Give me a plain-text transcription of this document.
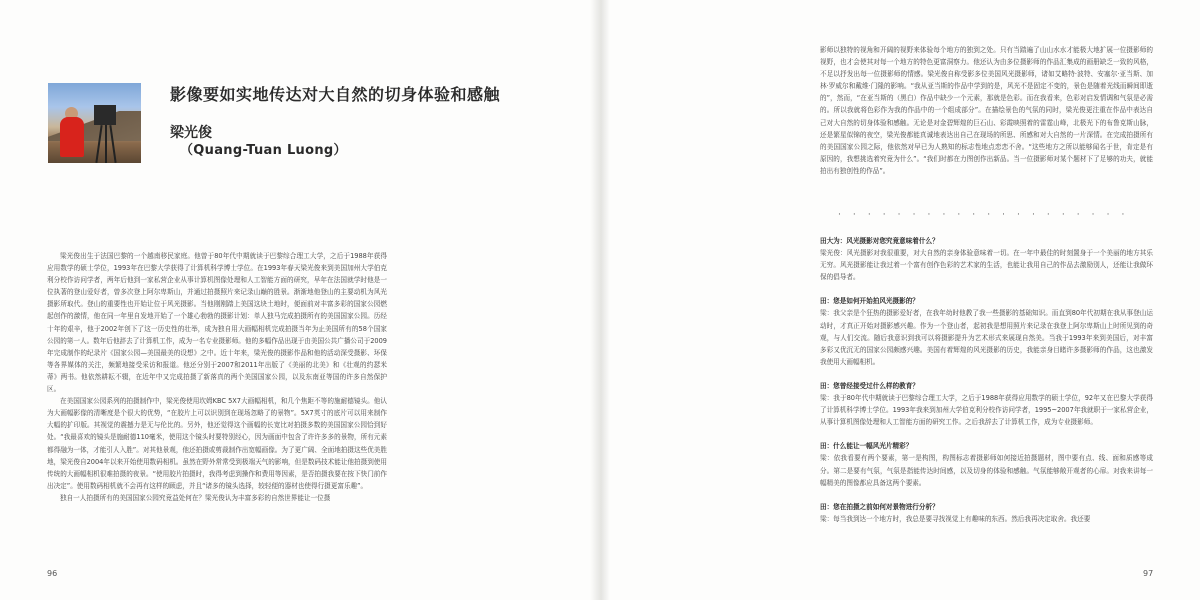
影像要如实地传达对大自然的切身体验和感触
梁光俊
（Quang-Tuan Luong）

梁光俊出生于法国巴黎的一个越南移民家庭。他曾于80年代中期就读于巴黎综合理工大学，之后于1988年获得应用数学的硕士学位，1993年在巴黎大学获得了计算机科学博士学位。在1993年春天梁光俊来到美国加州大学伯克利分校作访问学者，两年后他到一家私营企业从事计算机图像处理和人工智能方面的研究，早年在法国就学时他是一位执著的登山爱好者，曾多次登上阿尔卑斯山，并通过拍摄照片来记录山巅的胜景。渐渐地他登山的主要动机为风光摄影所取代。登山的重要性也开始让位于风光摄影。当他刚刚踏上美国这块土地时，便面前对丰富多彩的国家公园燃起创作的激情，他在同一年里自发地开始了一个雄心勃勃的摄影计划：单人独马完成拍摄所有的美国国家公园。历经十年的艰辛，他于2002年创下了这一历史性的壮举，成为独自用大画幅相机完成拍摄当年为止美国所有的58个国家公园的第一人。数年后他辞去了计算机工作，成为一名专业摄影师。他的多幅作品出现于由美国公共广播公司于2009年完成制作的纪录片《国家公园—美国最美的设想》之中。近十年来，梁光俊的摄影作品和他的活动深受摄影、环保等各界媒体的关注，频繁地接受采访和报道。他还分别于2007和2011年出版了《美丽的北美》和《壮观的约瑟米蒂》两书。他依然耕耘不辍，在近年中又完成拍摄了新落真的两个美国国家公园，以及东南亚等国的许多自然保护区。

在美国国家公园系列的拍摄制作中，梁光俊使用坎姆KBC 5X7大画幅相机，和几个焦距不等的施耐德镜头。他认为大画幅影像的清晰度是个很大的优势，“在胶片上可以识别到在现场忽略了的景物”。5X7英寸的底片可以用来制作大幅的扩印版。其视觉的震撼力是无与伦比的。另外，他还觉得这个画幅的长宽比对拍摄多数的美国国家公园恰到好处。“我最喜欢的镜头是施耐德110毫米，使用这个镜头时要特别经心，因为画面中包含了许许多多的景物，所有元素都得融为一体，才能引人入胜”。对其他景观，他还拍摄或剪裁制作出宽幅画像。为了更广阔、全面地拍摄这些优美胜地，梁光俊自2004年以来开始使用数码相机。虽然在野外常常受到极端天气的影响，但是数码技术能让他拍摄到使用传统的大画幅相机很难拍摄的夜景。“使用胶片拍摄时，我得考虑到操作和费用等因素，是否拍摄我要在按下快门前作出决定”。使用数码相机就不会再有这样的顾虑，并且“诸多的镜头选择，较轻便的器材也使得行摄更富乐趣”。

独自一人拍摄所有的美国国家公园究竟益处何在？梁光俊认为丰富多彩的自然世界能让一位摄

96

影师以独特的视角和开阔的视野来体验每个地方的独到之处。只有当踏遍了山山水水才能极大地扩展一位摄影师的视野，也才会使其对每一个地方的特色更富洞察力。他还认为由多位摄影师的作品汇集成的画册缺乏一致的风格，不足以抒发出每一位摄影师的情感。梁光俊自称受影多位美国风光摄影师，诸如艾略特·波特、安塞尔·亚当斯、加林·罗威尔和戴维·门隆的影响。“我从亚当斯的作品中学到的是，风光不是固定不变的，景色是随着光线而瞬间即逝的”，然而，“在亚当斯的（黑白）作品中缺少一个元素，那就是色彩。而在我看来，色彩对启发情调和气氛是必需的。所以我就将色彩作为我的作品中的一个组成部分”。在描绘景色的气氛的同时，梁光俊更注重在作品中表达自己对大自然的切身体验和感触。无论是对金碧辉煌的巨石山、彩霞映照着的雷霆山峰，北极光下的布鲁克斯山脉，还是繁星似锦的夜空，梁光俊都能真诚地表达出自己在现场的所思、所感和对大自然的一片深情。在完成拍摄所有的美国国家公园之际，他依然对早已为人熟知的标志性地点恋恋不舍。“这些地方之所以能够闻名于世，肯定是有原因的，我想挑选着究竟为什么”。“我们时都在力图创作出新品。当一位摄影师对某个题材下了足够的功夫，就能拍出有独创性的作品”。

· · · · · · · · · · · · · · · · · · · ·

田大为：风光摄影对您究竟意味着什么？

梁光俊：风光摄影对我很重要，对大自然的亲身体验意味着一切。在一年中最佳的时刻置身于一个美丽的地方其乐无穷。风光摄影能让我过着一个富有创作色彩的艺术家的生活，也能让我用自己的作品去激励别人，还能让我做环保的倡导者。

田：您是如何开始拍风光摄影的？

梁：我父亲是个狂热的摄影爱好者，在我年幼时他教了我一些摄影的基础知识。而直到80年代初期在我从事登山运动时，才真正开始对摄影感兴趣。作为一个登山者，起初我是想用照片来记录在我登上阿尔卑斯山上时所见到的奇观，与人们交流。随后我意识到我可以将摄影提升为艺术形式来展现自然美。当我于1993年来到美国后，对丰富多彩又优沉无的国家公园颇感兴趣。美国有着辉煌的风光摄影的历史，我能亲身目睹许多摄影师的作品，这也激发我使用大画幅相机。

田：您曾经接受过什么样的教育？

梁：我于80年代中期就读于巴黎综合理工大学，之后于1988年获得应用数学的硕士学位，92年又在巴黎大学获得了计算机科学博士学位。1993年我来到加州大学伯克利分校作访问学者，1995~2007年我就职于一家私营企业，从事计算机图像处理和人工智能方面的研究工作。之后我辞去了计算机工作，成为专业摄影师。

田：什么能让一幅风光片精彩？

梁：依我看要有两个要素，第一是构图，构图标志着摄影师如何接近拍摄题材，图中要有点、线、面和质感等成分。第二是要有气氛，气氛是指能传达时间感，以及切身的体验和感触。气氛能够敞开观者的心扉。对我来讲每一幅精美的图像都应具备这两个要素。

田：您在拍摄之前如何对景物进行分析？

梁：每当我到达一个地方时，我总是要寻找视觉上有趣味的东西。然后我再决定取舍。我还要

97
